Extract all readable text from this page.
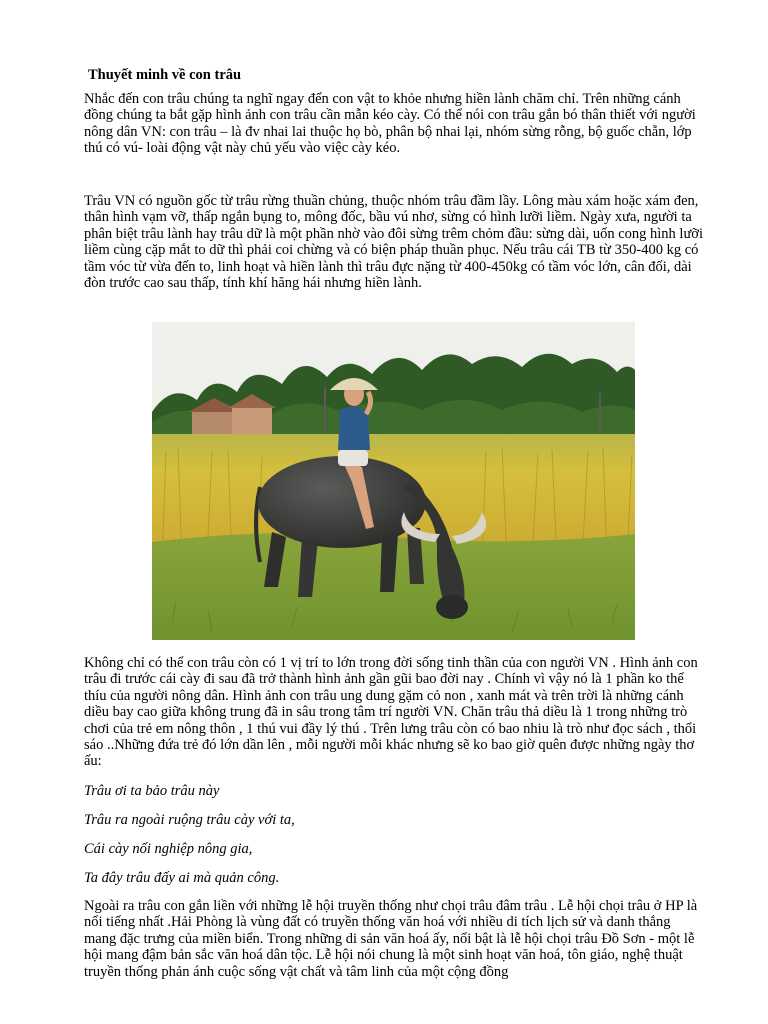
Thuyết minh về con trâu

Nhắc đến con trâu chúng ta nghĩ ngay đến con vật to khỏe nhưng hiền lành chăm chỉ. Trên những cánh đồng chúng ta bắt gặp hình ảnh con trâu cần mẫn kéo cày. Có thể nói con trâu gắn bó thân thiết với người nông dân VN: con trâu – là đv nhai lai thuộc họ bò, phân bộ nhai lại, nhóm sừng rỗng, bộ guốc chẵn, lớp thú có vú- loài động vật này chủ yếu vào việc cày kéo.

Trâu VN có nguồn gốc từ trâu rừng thuần chủng, thuộc nhóm trâu đầm lầy. Lông màu xám hoặc xám đen, thân hình vạm vỡ, thấp ngắn bụng to, mông đốc, bầu vú nhơ, sừng có hình lưỡi liềm. Ngày xưa, người ta phân biệt trâu lành hay trâu dữ là một phần nhờ vào đôi sừng trêm chỏm đầu: sừng dài, uốn cong hình lưỡi liềm cùng cặp mắt to dữ thì phải coi chừng và có biện pháp thuần phục. Nếu trâu cái TB từ 350-400 kg có tầm vóc từ vừa đến to, linh hoạt và hiền lành thì trâu đực nặng từ 400-450kg có tầm vóc lớn, cân đối, dài đòn trước cao sau thấp, tính khí hăng hái nhưng hiền lành.

Không chỉ có thể con trâu còn có 1 vị trí to lớn trong đời sống tinh thần của con người VN . Hình ảnh con trâu đi trước cái cày đi sau đã trở thành hình ảnh gần gũi bao đời nay . Chính vì vậy nó là 1 phần ko thể thíu của người nông dân. Hình ảnh con trâu ung dung gặm cỏ non , xanh mát và trên trời là những cánh diều bay cao giữa không trung đã in sâu trong tâm trí người VN. Chăn trâu thả diều là 1 trong những trò chơi của trẻ em nông thôn , 1 thú vui đầy lý thú . Trên lưng trâu còn có bao nhiu là trò như đọc sách , thổi sáo ..Những đứa trẻ đó lớn dần lên , mỗi người mỗi khác nhưng sẽ ko bao giờ quên được những ngày thơ ấu:

Trâu ơi ta bảo trâu này

Trâu ra ngoài ruộng trâu cày với ta,

Cái cày nối nghiệp nông gia,

Ta đây trâu đấy ai mà quản công.

Ngoài ra trâu con gắn liền với những lễ hội truyền thống như chọi trâu đâm trâu . Lễ hội chọi trâu ở HP là nổi tiếng nhất .Hải Phòng là vùng đất có truyền thống văn hoá với nhiều di tích lịch sử và danh thắng mang đặc trưng của miền biển. Trong những di sản văn hoá ấy, nổi bật là lễ hội chọi trâu Đồ Sơn - một lễ hội mang đậm bản sắc văn hoá dân tộc. Lễ hội nói chung là một sinh hoạt văn hoá, tôn giáo, nghệ thuật truyền thống phản ánh cuộc sống vật chất và tâm linh của một cộng đồng
